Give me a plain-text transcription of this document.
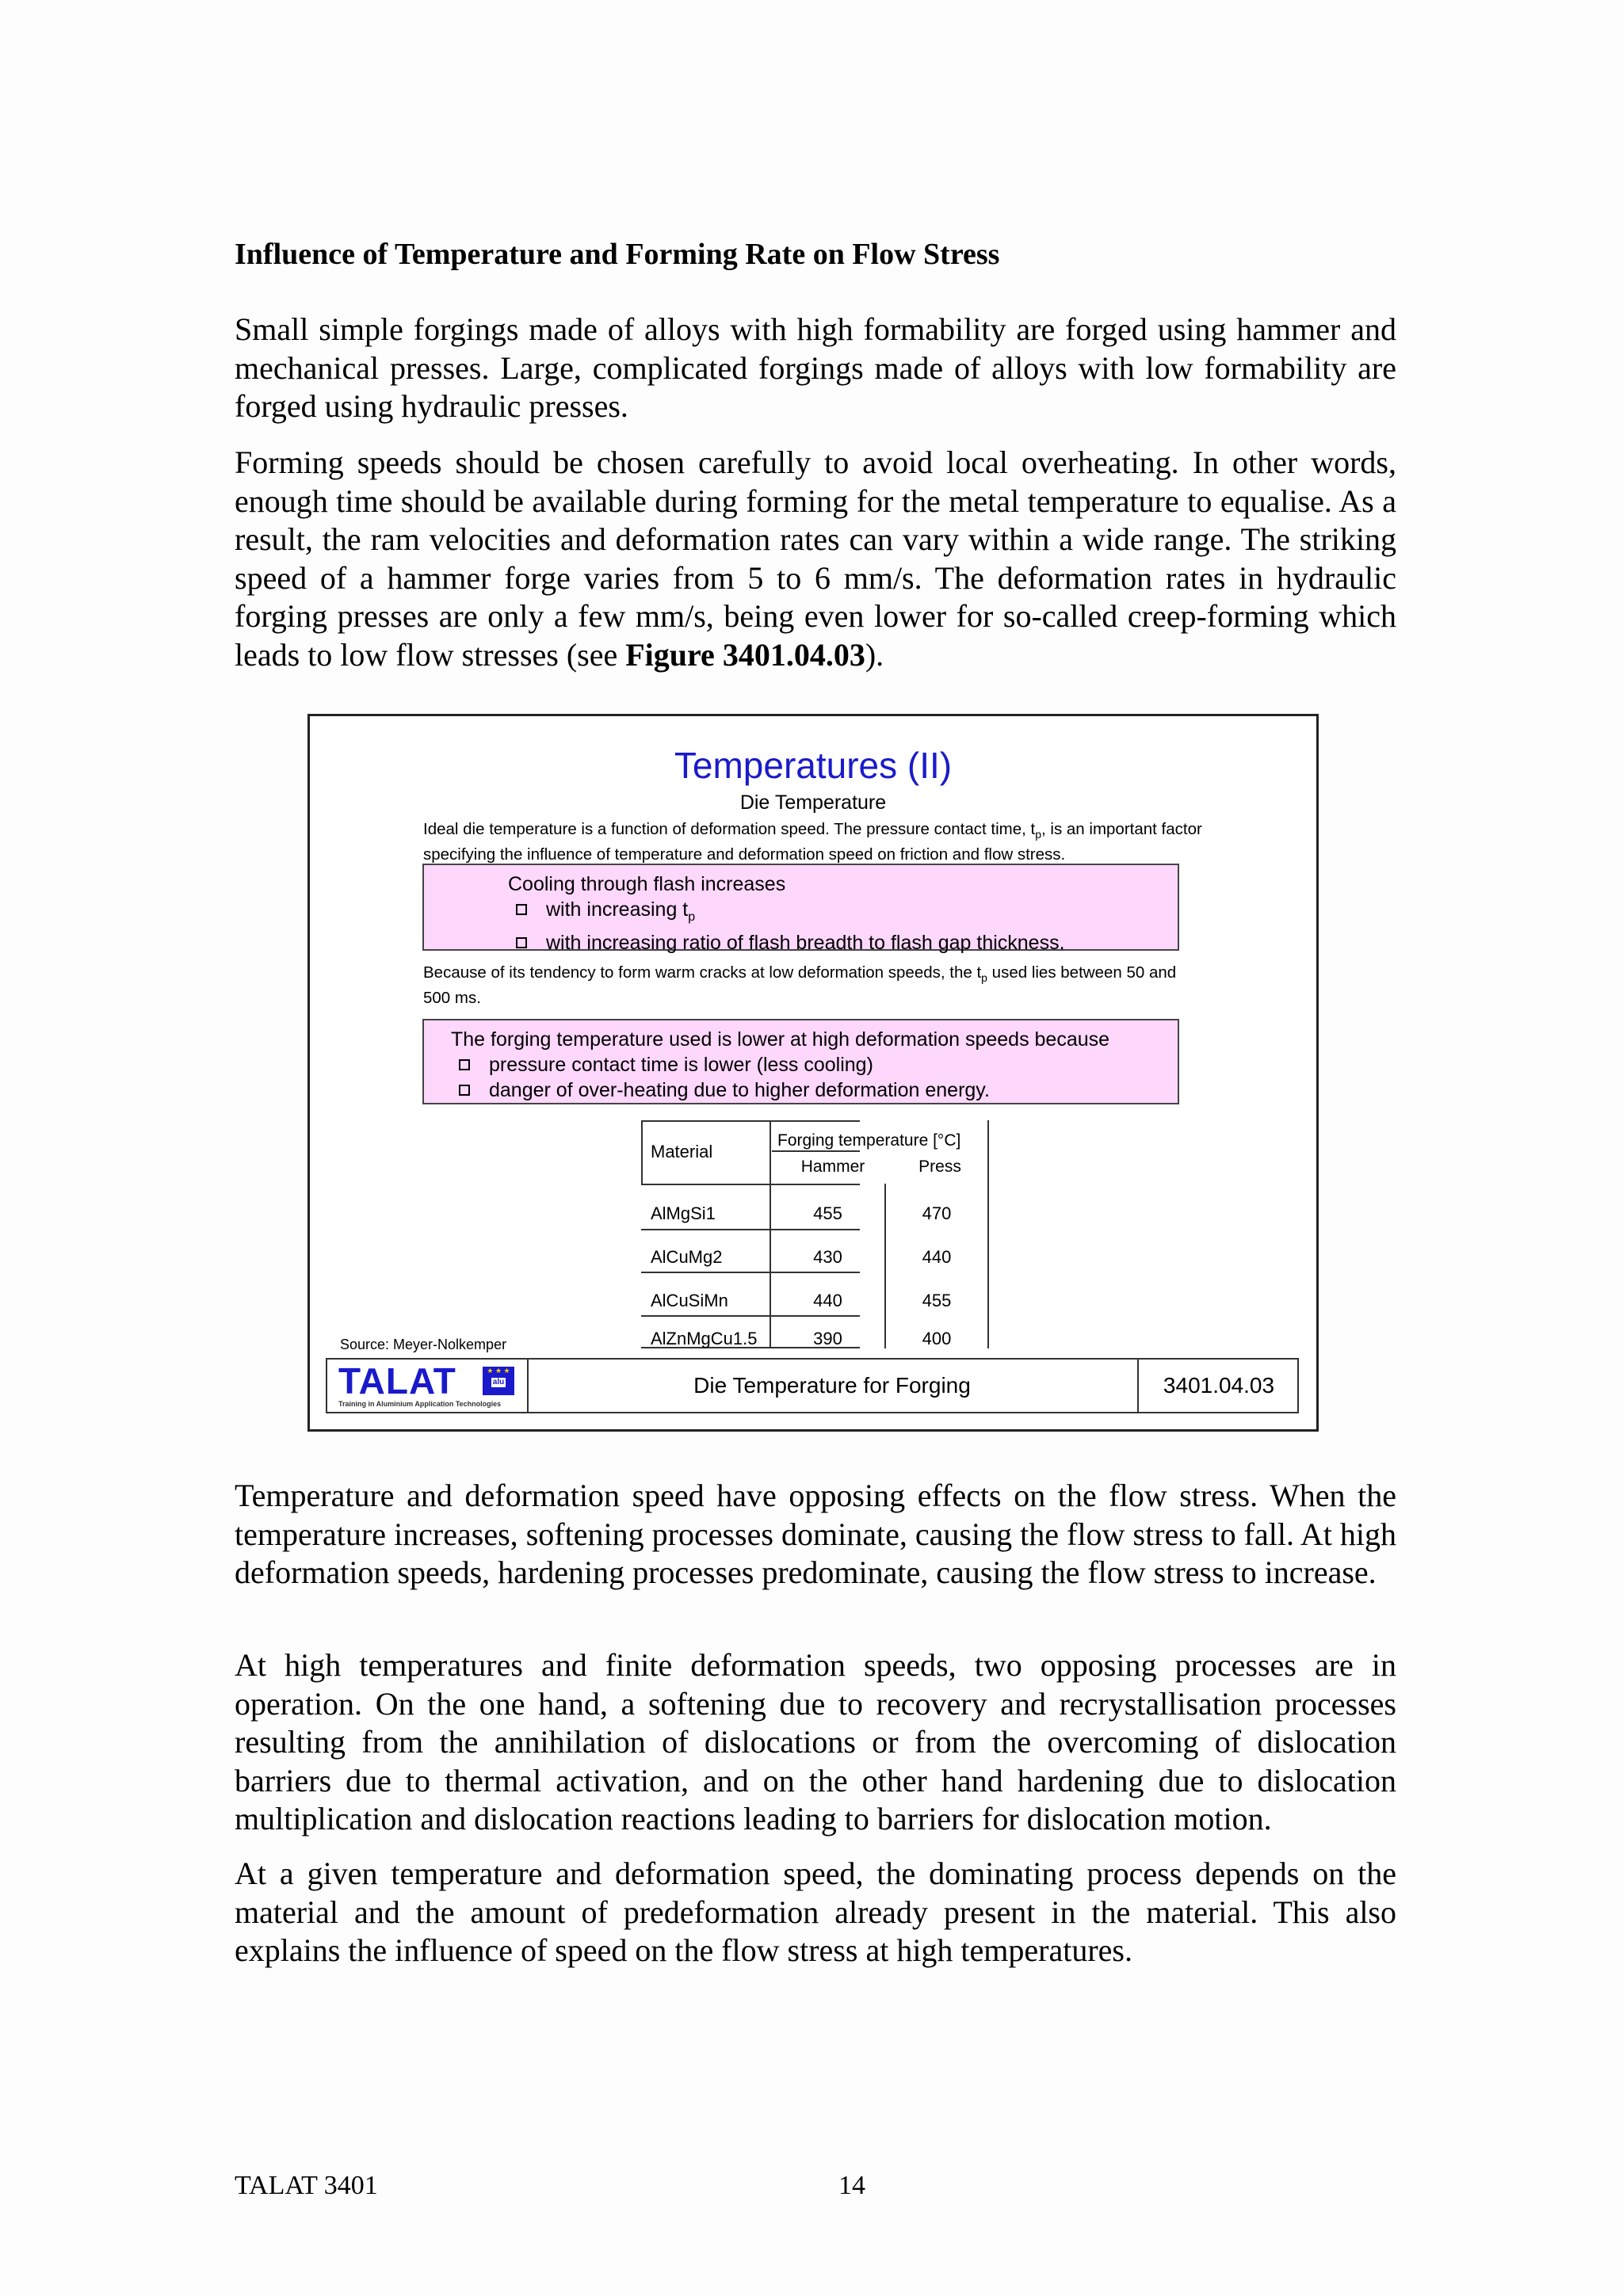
Influence of Temperature and Forming Rate on Flow Stress

Small simple forgings made of alloys with high formability are forged using hammer and mechanical presses. Large, complicated forgings made of alloys with low formability are forged using hydraulic presses.

Forming speeds should be chosen carefully to avoid local overheating. In other words, enough time should be available during forming for the metal temperature to equalise. As a result, the ram velocities and deformation rates can vary within a wide range. The striking speed of a hammer forge varies from 5 to 6 mm/s. The deformation rates in hydraulic forging presses are only a few mm/s, being even lower for so-called creep-forming which leads to low flow stresses (see Figure 3401.04.03).

Temperatures (II)
Die Temperature
Ideal die temperature is a function of deformation speed. The pressure contact time, $t_p$, is an important factor specifying the influence of temperature and deformation speed on friction and flow stress.
Cooling through flash increases
with increasing $t_p$
with increasing ratio of flash breadth to flash gap thickness.
Because of its tendency to form warm cracks at low deformation speeds, the $t_p$ used lies between 50 and 500 ms.
The forging temperature used is lower at high deformation speeds because
pressure contact time is lower (less cooling)
danger of over-heating due to higher deformation energy.
Material
Forging temperature [°C]
Hammer	Press
AlMgSi1	455	470
AlCuMg2	430	440
AlCuSiMn	440	455
AlZnMgCu1.5	390	400
Source: Meyer-Nolkemper
TALAT	★ ★ ★
alu
Training in Aluminium Application Technologies
Die Temperature for Forging	3401.04.03

Temperature and deformation speed have opposing effects on the flow stress. When the temperature increases, softening processes dominate, causing the flow stress to fall. At high deformation speeds, hardening processes predominate, causing the flow stress to increase.

At high temperatures and finite deformation speeds, two opposing processes are in operation. On the one hand, a softening due to recovery and recrystallisation processes resulting from the annihilation of dislocations or from the overcoming of dislocation barriers due to thermal activation, and on the other hand hardening due to dislocation multiplication and dislocation reactions leading to barriers for dislocation motion.

At a given temperature and deformation speed, the dominating process depends on the material and the amount of predeformation already present in the material. This also explains the influence of speed on the flow stress at high temperatures.

TALAT 3401	14
